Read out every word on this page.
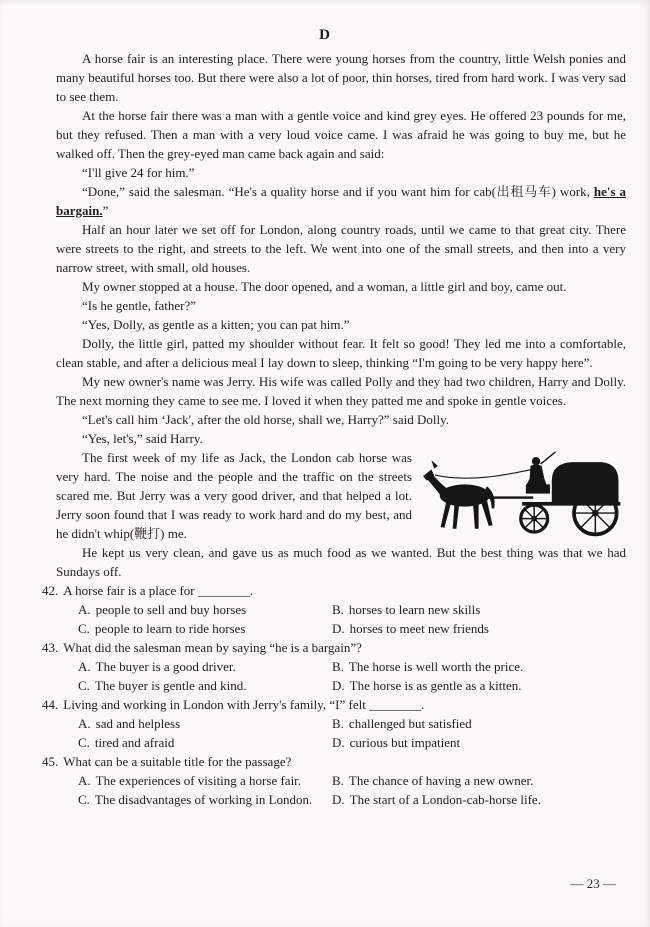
D

A horse fair is an interesting place. There were young horses from the country, little Welsh ponies and many beautiful horses too. But there were also a lot of poor, thin horses, tired from hard work. I was very sad to see them.

At the horse fair there was a man with a gentle voice and kind grey eyes. He offered 23 pounds for me, but they refused. Then a man with a very loud voice came. I was afraid he was going to buy me, but he walked off. Then the grey-eyed man came back again and said:

“I'll give 24 for him.”

“Done,” said the salesman. “He's a quality horse and if you want him for cab(出租马车) work, he's a bargain.”

Half an hour later we set off for London, along country roads, until we came to that great city. There were streets to the right, and streets to the left. We went into one of the small streets, and then into a very narrow street, with small, old houses.

My owner stopped at a house. The door opened, and a woman, a little girl and boy, came out.

“Is he gentle, father?”

“Yes, Dolly, as gentle as a kitten; you can pat him.”

Dolly, the little girl, patted my shoulder without fear. It felt so good! They led me into a comfortable, clean stable, and after a delicious meal I lay down to sleep, thinking “I'm going to be very happy here”.

My new owner's name was Jerry. His wife was called Polly and they had two children, Harry and Dolly. The next morning they came to see me. I loved it when they patted me and spoke in gentle voices.

“Let's call him ‘Jack', after the old horse, shall we, Harry?” said Dolly.

“Yes, let's,” said Harry.

The first week of my life as Jack, the London cab horse was very hard. The noise and the people and the traffic on the streets scared me. But Jerry was a very good driver, and that helped a lot. Jerry soon found that I was ready to work hard and do my best, and he didn't whip(鞭打) me.

He kept us very clean, and gave us as much food as we wanted. But the best thing was that we had Sundays off.

42. A horse fair is a place for ________.

A. people to sell and buy horses	B. horses to learn new skills
C. people to learn to ride horses	D. horses to meet new friends

43. What did the salesman mean by saying “he is a bargain”?

A. The buyer is a good driver.	B. The horse is well worth the price.
C. The buyer is gentle and kind.	D. The horse is as gentle as a kitten.

44. Living and working in London with Jerry's family, “I” felt ________.

A. sad and helpless	B. challenged but satisfied
C. tired and afraid	D. curious but impatient

45. What can be a suitable title for the passage?

A. The experiences of visiting a horse fair.	B. The chance of having a new owner.
C. The disadvantages of working in London.	D. The start of a London-cab-horse life.
— 23 —
